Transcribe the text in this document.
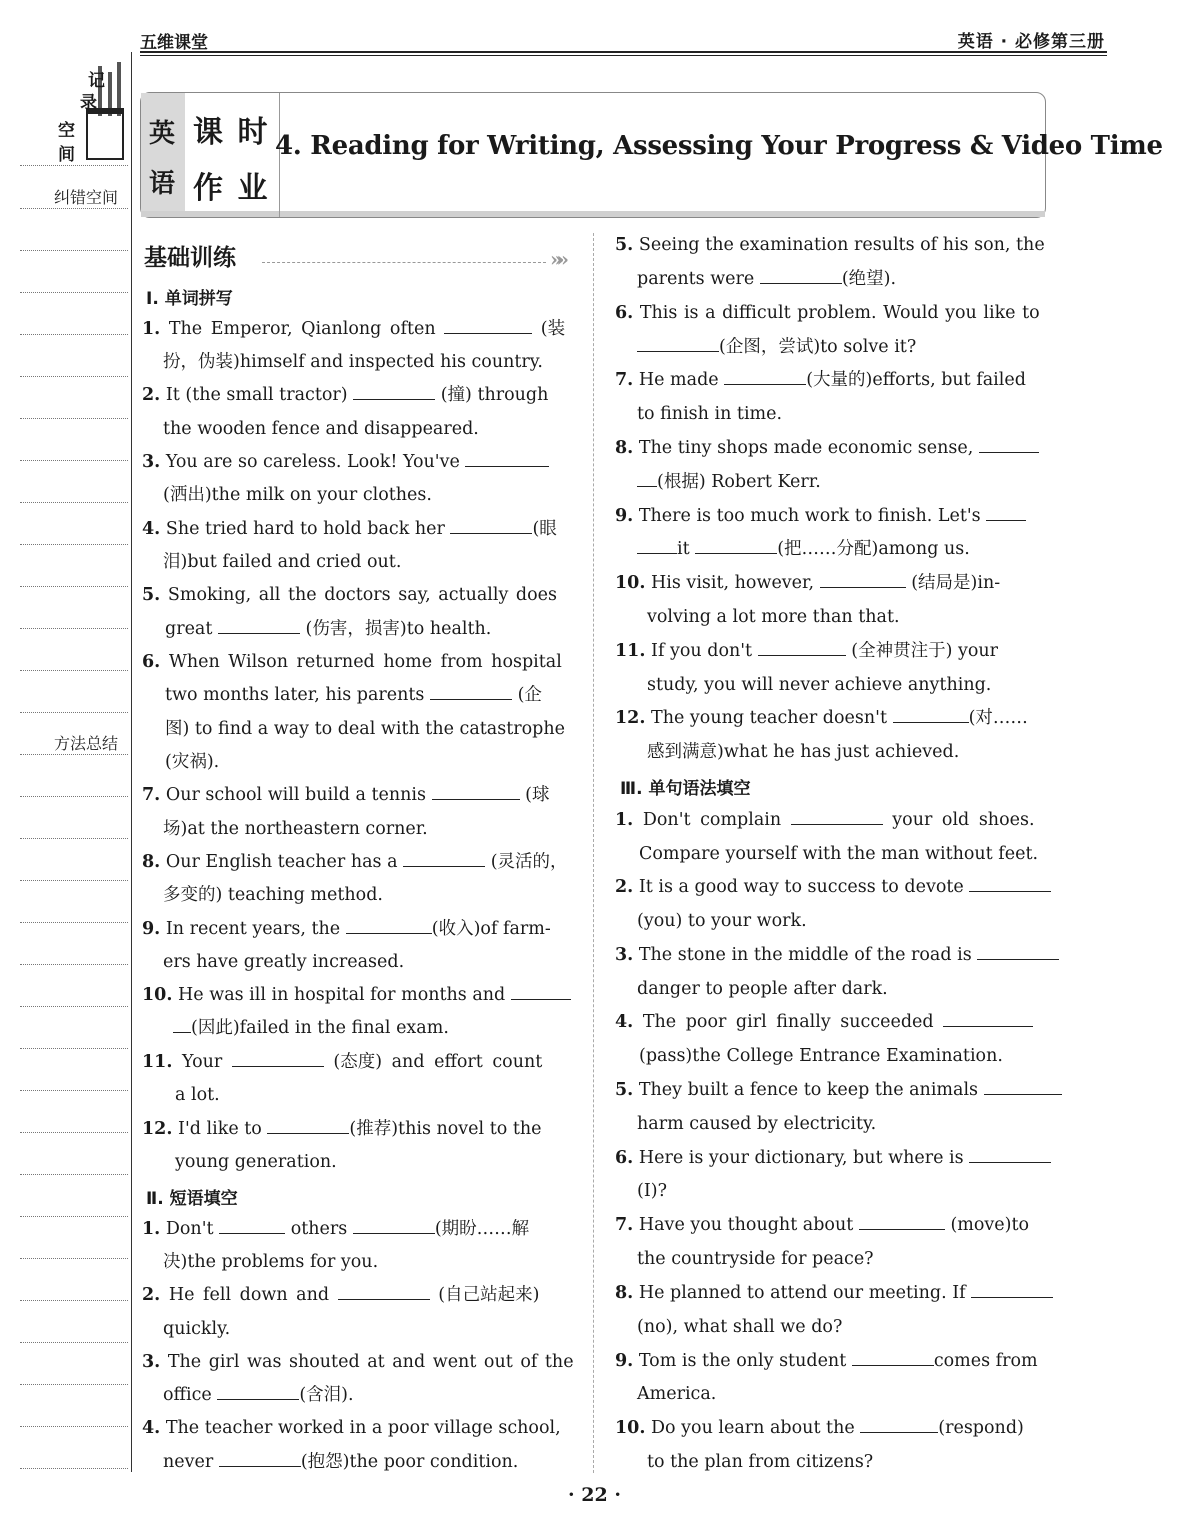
五维课堂	英语 · 必修第三册
记
录
空
间
纠错空间
方法总结
英
语
课 时
作 业
4. Reading for Writing, Assessing Your Progress & Video Time
基础训练	»»
Ⅰ. 单词拼写
1. The Emperor, Qianlong often	(装
扮，伪装)himself and inspected his country.
2. It (the small tractor)	(撞) through
the wooden fence and disappeared.
3. You are so careless. Look! You've
(洒出)the milk on your clothes.
4. She tried hard to hold back her	(眼
泪)but failed and cried out.
5. Smoking, all the doctors say, actually does
great	(伤害，损害)to health.
6. When Wilson returned home from hospital
two months later, his parents	(企
图) to find a way to deal with the catastrophe
(灾祸).
7. Our school will build a tennis	(球
场)at the northeastern corner.
8. Our English teacher has a	(灵活的，
多变的) teaching method.
9. In recent years, the	(收入)of farm-
ers have greatly increased.
10. He was ill in hospital for months and
(因此)failed in the final exam.
11. Your	(态度) and effort count
a lot.
12. I'd like to	(推荐)this novel to the
young generation.
Ⅱ. 短语填空
1. Don't	others	(期盼……解
决)the problems for you.
2. He fell down and	(自己站起来)
quickly.
3. The girl was shouted at and went out of the
office	(含泪).
4. The teacher worked in a poor village school,
never	(抱怨)the poor condition.
5. Seeing the examination results of his son, the
parents were	(绝望).
6. This is a difficult problem. Would you like to
(企图，尝试)to solve it?
7. He made	(大量的)efforts, but failed
to finish in time.
8. The tiny shops made economic sense,
(根据) Robert Kerr.
9. There is too much work to finish. Let's
it	(把……分配)among us.
10. His visit, however,	(结局是)in-
volving a lot more than that.
11. If you don't	(全神贯注于) your
study, you will never achieve anything.
12. The young teacher doesn't	(对……
感到满意)what he has just achieved.
Ⅲ. 单句语法填空
1. Don't complain	your old shoes.
Compare yourself with the man without feet.
2. It is a good way to success to devote
(you) to your work.
3. The stone in the middle of the road is
danger to people after dark.
4. The poor girl finally succeeded
(pass)the College Entrance Examination.
5. They built a fence to keep the animals
harm caused by electricity.
6. Here is your dictionary, but where is
(I)?
7. Have you thought about	(move)to
the countryside for peace?
8. He planned to attend our meeting. If
(no), what shall we do?
9. Tom is the only student	comes from
America.
10. Do you learn about the	(respond)
to the plan from citizens?
· 22 ·
